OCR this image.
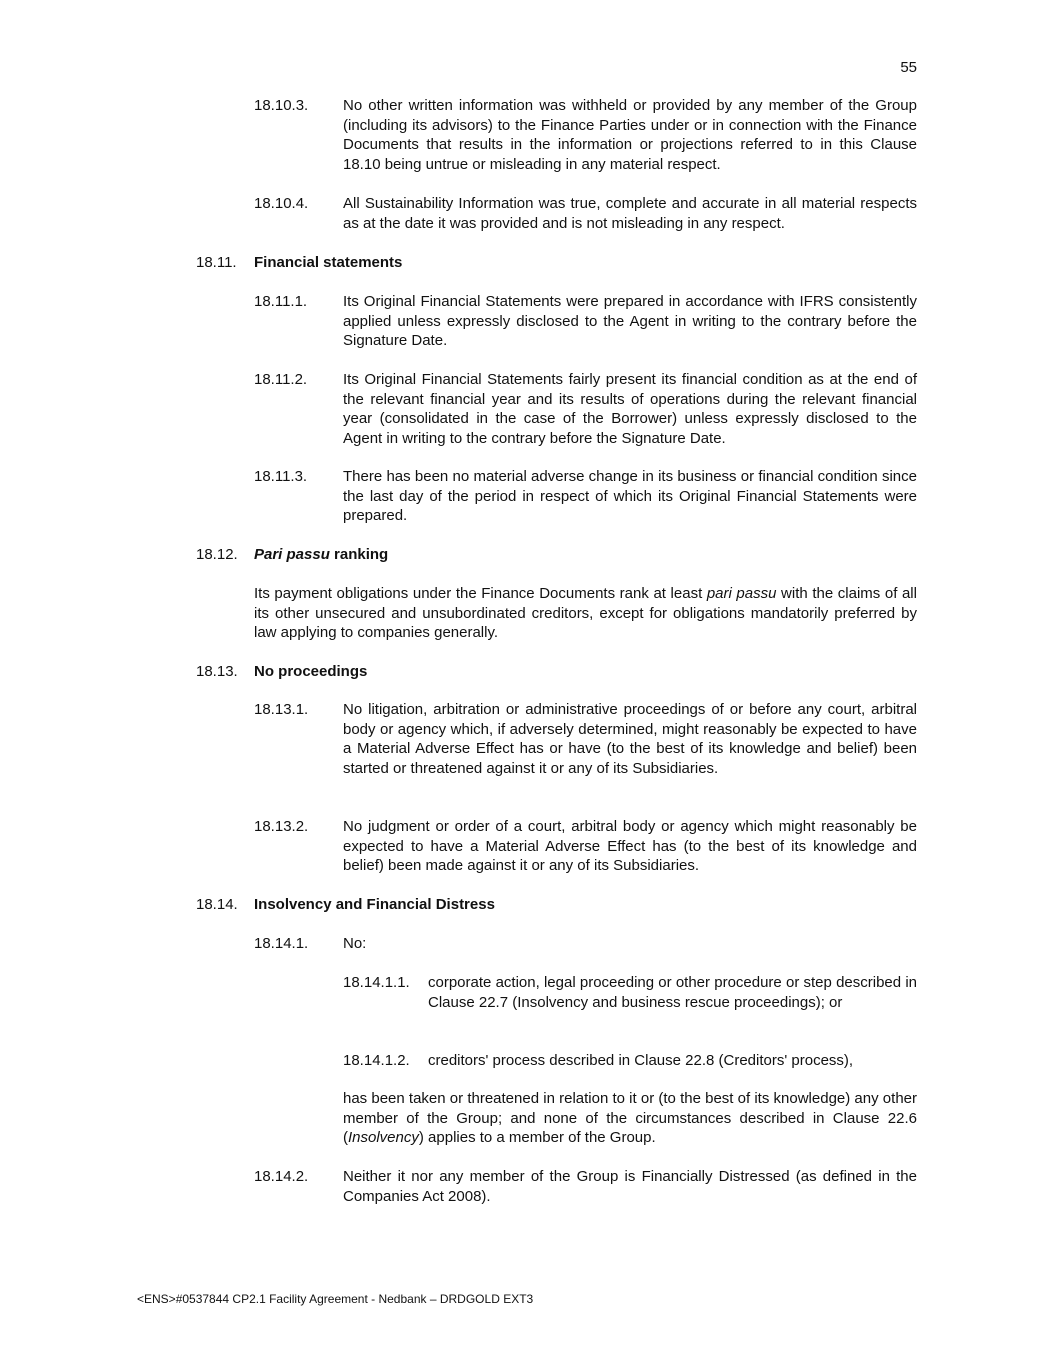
55
18.10.3. No other written information was withheld or provided by any member of the Group (including its advisors) to the Finance Parties under or in connection with the Finance Documents that results in the information or projections referred to in this Clause 18.10 being untrue or misleading in any material respect.
18.10.4. All Sustainability Information was true, complete and accurate in all material respects as at the date it was provided and is not misleading in any respect.
18.11. Financial statements
18.11.1. Its Original Financial Statements were prepared in accordance with IFRS consistently applied unless expressly disclosed to the Agent in writing to the contrary before the Signature Date.
18.11.2. Its Original Financial Statements fairly present its financial condition as at the end of the relevant financial year and its results of operations during the relevant financial year (consolidated in the case of the Borrower) unless expressly disclosed to the Agent in writing to the contrary before the Signature Date.
18.11.3. There has been no material adverse change in its business or financial condition since the last day of the period in respect of which its Original Financial Statements were prepared.
18.12. Pari passu ranking
Its payment obligations under the Finance Documents rank at least pari passu with the claims of all its other unsecured and unsubordinated creditors, except for obligations mandatorily preferred by law applying to companies generally.
18.13. No proceedings
18.13.1. No litigation, arbitration or administrative proceedings of or before any court, arbitral body or agency which, if adversely determined, might reasonably be expected to have a Material Adverse Effect has or have (to the best of its knowledge and belief) been started or threatened against it or any of its Subsidiaries.
18.13.2. No judgment or order of a court, arbitral body or agency which might reasonably be expected to have a Material Adverse Effect has (to the best of its knowledge and belief) been made against it or any of its Subsidiaries.
18.14. Insolvency and Financial Distress
18.14.1. No:
18.14.1.1. corporate action, legal proceeding or other procedure or step described in Clause 22.7 (Insolvency and business rescue proceedings); or
18.14.1.2. creditors' process described in Clause 22.8 (Creditors' process),
has been taken or threatened in relation to it or (to the best of its knowledge) any other member of the Group; and none of the circumstances described in Clause 22.6 (Insolvency) applies to a member of the Group.
18.14.2. Neither it nor any member of the Group is Financially Distressed (as defined in the Companies Act 2008).
<ENS>#0537844 CP2.1 Facility Agreement - Nedbank – DRDGOLD EXT3
